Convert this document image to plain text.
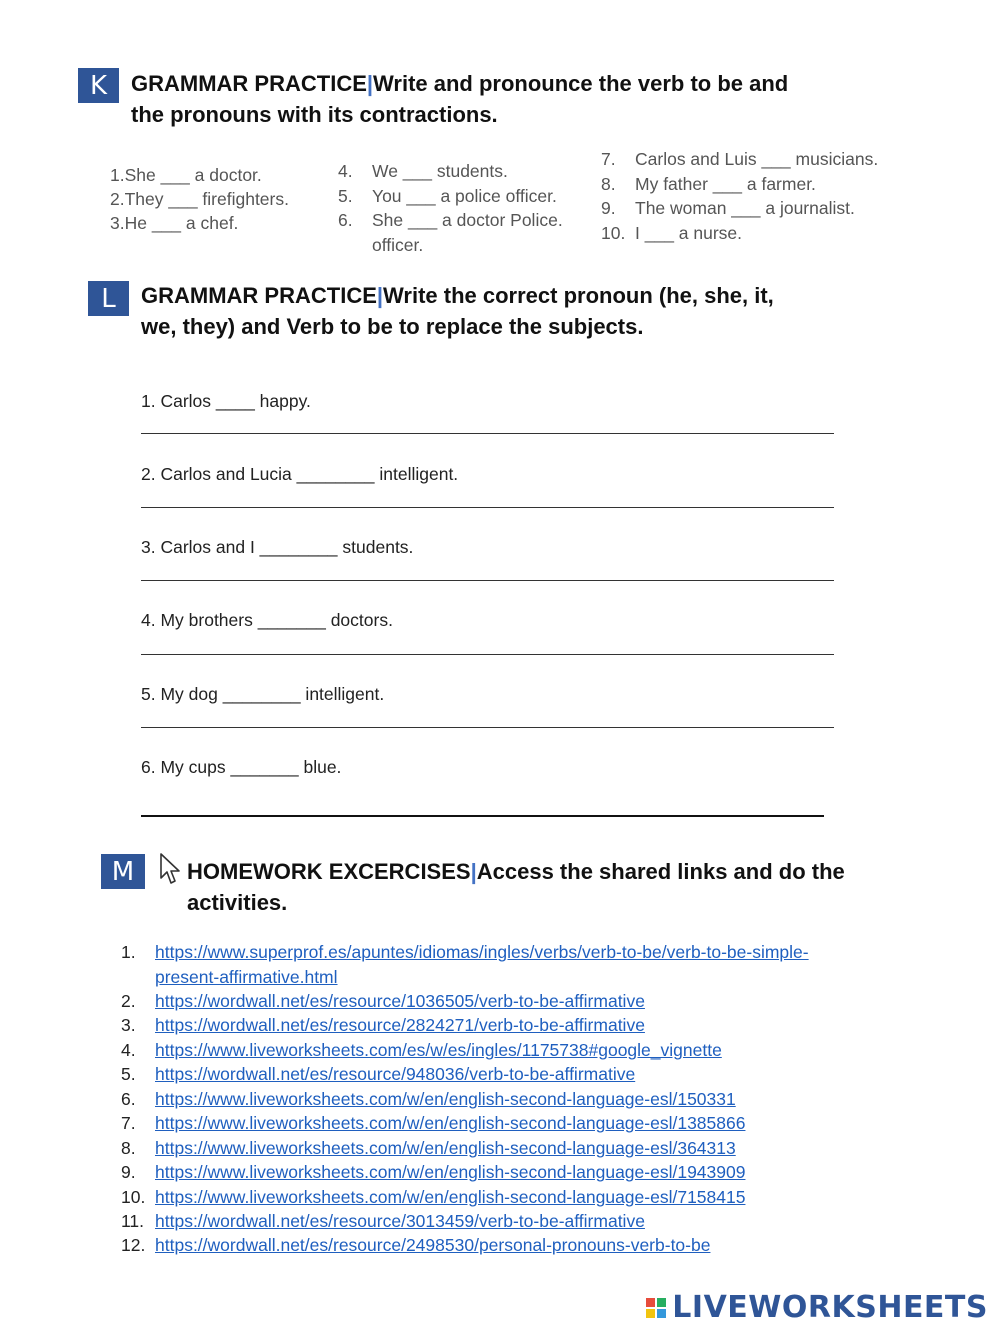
K	GRAMMAR PRACTICE|Write and pronounce the verb to be and
the pronouns with its contractions.
1.She ___ a doctor.
2.They ___ firefighters.
3.He ___ a chef.
4. We ___ students.
5. You ___ a police officer.
6. She ___ a doctor Police.
officer.
7. Carlos and Luis ___ musicians.
8. My father ___ a farmer.
9. The woman ___ a journalist.
10. I ___ a nurse.
L	GRAMMAR PRACTICE|Write the correct pronoun (he, she, it,
we, they) and Verb to be to replace the subjects.
1. Carlos ____ happy.
2. Carlos and Lucia ________ intelligent.
3. Carlos and I ________ students.
4. My brothers _______ doctors.
5. My dog ________ intelligent.
6. My cups _______ blue.
M	HOMEWORK EXCERCISES|Access the shared links and do the
activities.
1. https://www.superprof.es/apuntes/idiomas/ingles/verbs/verb-to-be/verb-to-be-simple-
present-affirmative.html
2. https://wordwall.net/es/resource/1036505/verb-to-be-affirmative
3. https://wordwall.net/es/resource/2824271/verb-to-be-affirmative
4. https://www.liveworksheets.com/es/w/es/ingles/1175738#google_vignette
5. https://wordwall.net/es/resource/948036/verb-to-be-affirmative
6. https://www.liveworksheets.com/w/en/english-second-language-esl/150331
7. https://www.liveworksheets.com/w/en/english-second-language-esl/1385866
8. https://www.liveworksheets.com/w/en/english-second-language-esl/364313
9. https://www.liveworksheets.com/w/en/english-second-language-esl/1943909
10. https://www.liveworksheets.com/w/en/english-second-language-esl/7158415
11. https://wordwall.net/es/resource/3013459/verb-to-be-affirmative
12. https://wordwall.net/es/resource/2498530/personal-pronouns-verb-to-be
LIVEWORKSHEETS
